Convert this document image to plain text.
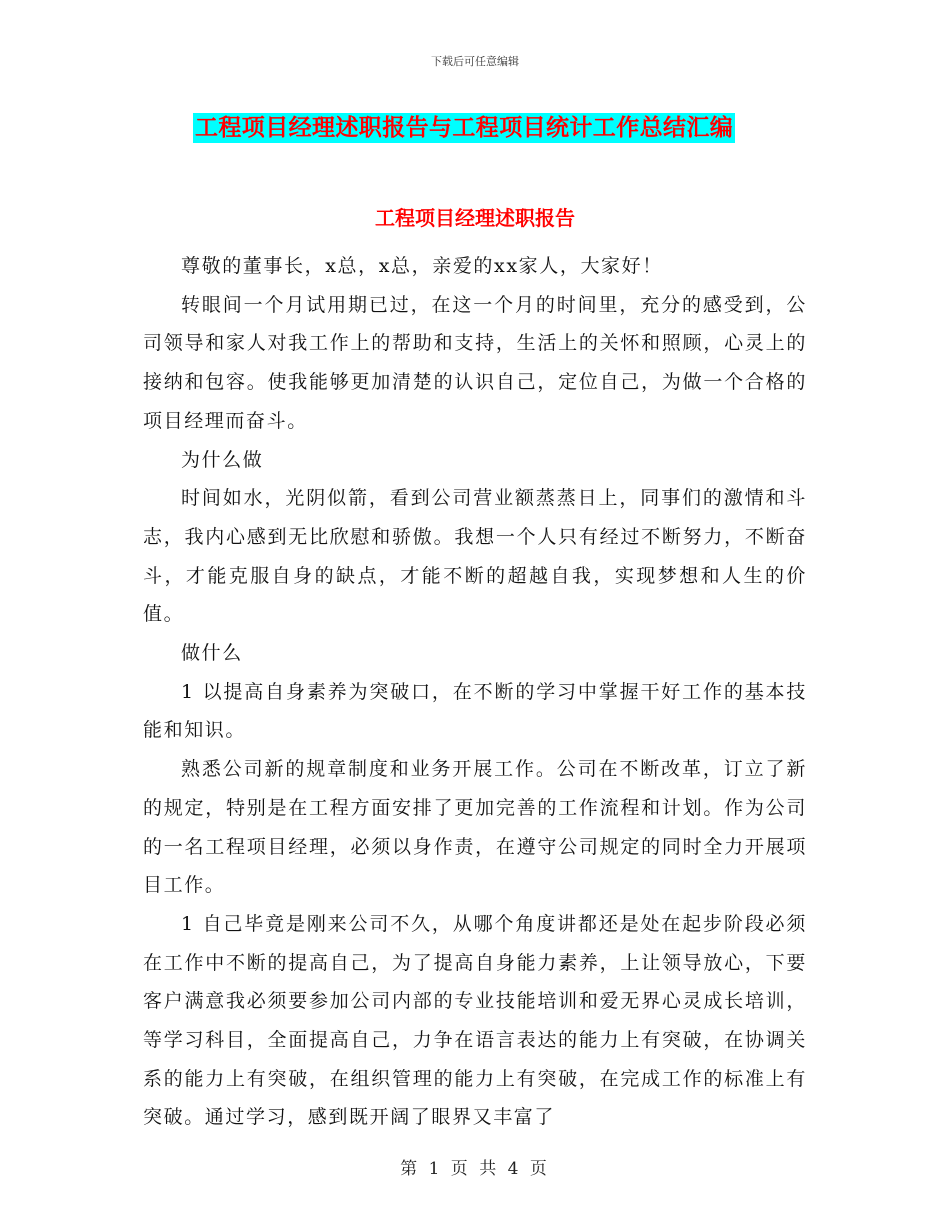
下载后可任意编辑
工程项目经理述职报告与工程项目统计工作总结汇编
工程项目经理述职报告

尊敬的董事长，x总，x总，亲爱的xx家人，大家好！

转眼间一个月试用期已过，在这一个月的时间里，充分的感受到，公司领导和家人对我工作上的帮助和支持，生活上的关怀和照顾，心灵上的接纳和包容。使我能够更加清楚的认识自己，定位自己，为做一个合格的项目经理而奋斗。

为什么做

时间如水，光阴似箭，看到公司营业额蒸蒸日上，同事们的激情和斗志，我内心感到无比欣慰和骄傲。我想一个人只有经过不断努力，不断奋斗，才能克服自身的缺点，才能不断的超越自我，实现梦想和人生的价值。

做什么

1 以提高自身素养为突破口，在不断的学习中掌握干好工作的基本技能和知识。

熟悉公司新的规章制度和业务开展工作。公司在不断改革，订立了新的规定，特别是在工程方面安排了更加完善的工作流程和计划。作为公司的一名工程项目经理，必须以身作责，在遵守公司规定的同时全力开展项目工作。

1 自己毕竟是刚来公司不久，从哪个角度讲都还是处在起步阶段必须在工作中不断的提高自己，为了提高自身能力素养，上让领导放心，下要客户满意我必须要参加公司内部的专业技能培训和爱无界心灵成长培训，等学习科目，全面提高自己，力争在语言表达的能力上有突破，在协调关系的能力上有突破，在组织管理的能力上有突破，在完成工作的标准上有突破。通过学习，感到既开阔了眼界又丰富了

第 1 页 共 4 页
